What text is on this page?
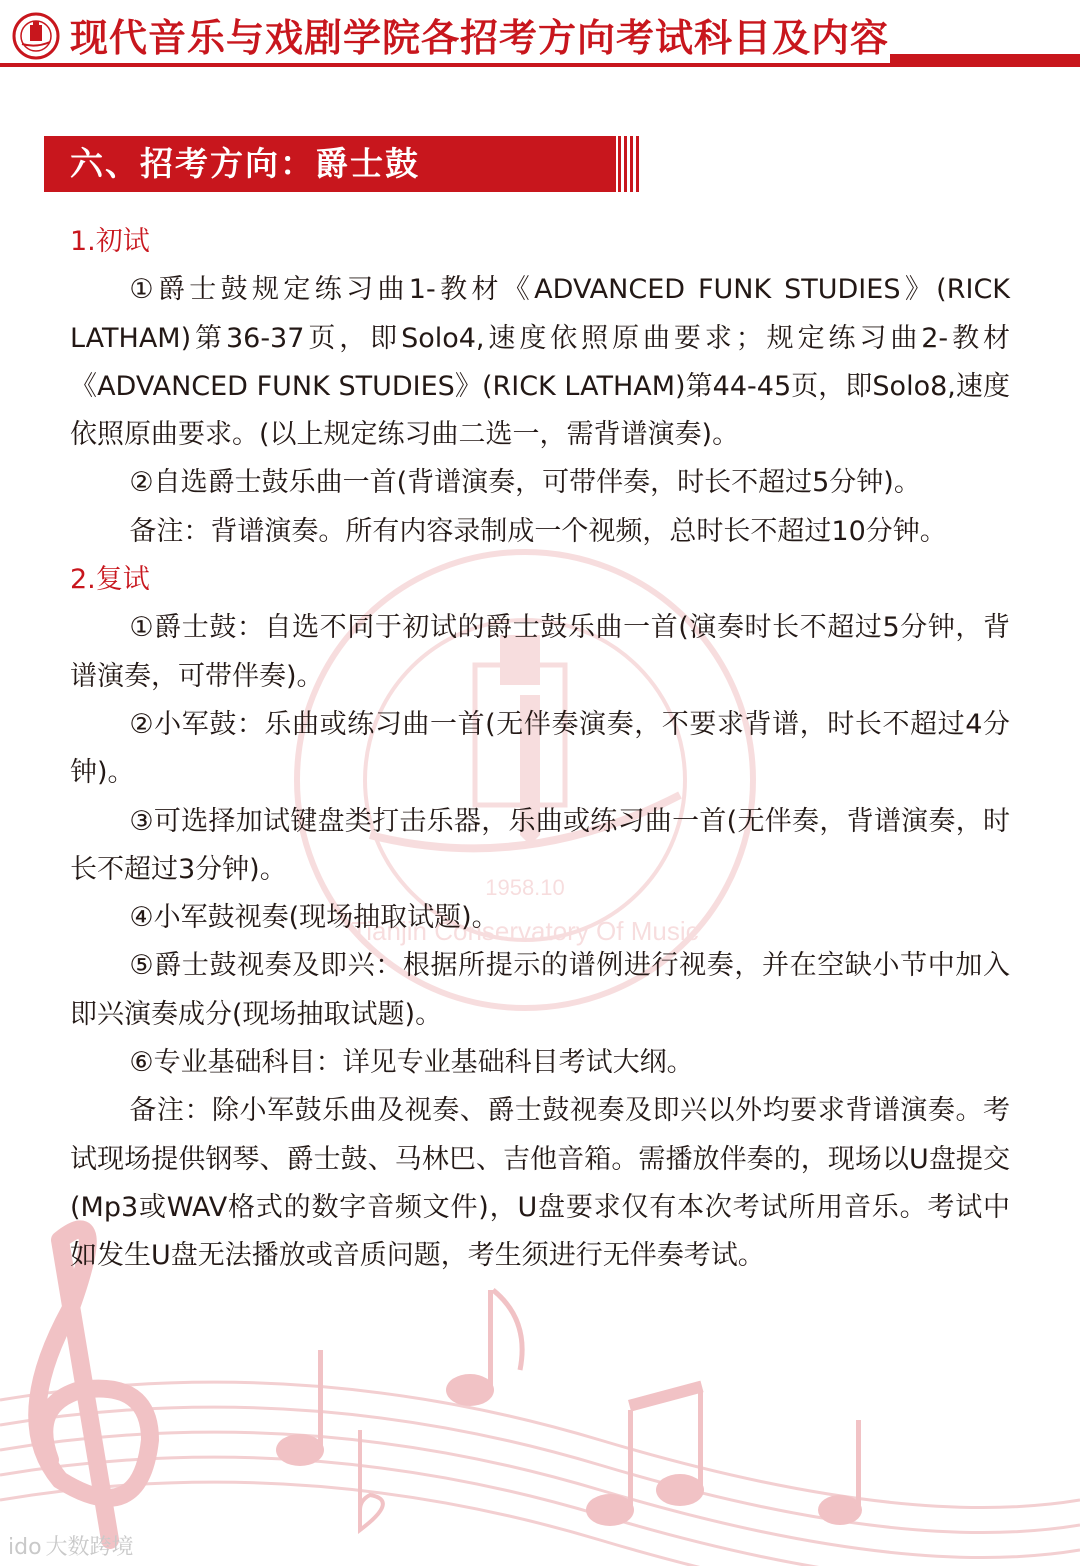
1958.10
Tianjin Conservatory Of Music
现代音乐与戏剧学院各招考方向考试科目及内容
六、招考方向：爵士鼓

1.初试

①爵士鼓规定练习曲1-教材《ADVANCED FUNK STUDIES》(RICK LATHAM)第36-37页，即Solo4,速度依照原曲要求；规定练习曲2-教材《ADVANCED FUNK STUDIES》(RICK LATHAM)第44-45页，即Solo8,速度依照原曲要求。(以上规定练习曲二选一，需背谱演奏)。

②自选爵士鼓乐曲一首(背谱演奏，可带伴奏，时长不超过5分钟)。

备注：背谱演奏。所有内容录制成一个视频，总时长不超过10分钟。

2.复试

①爵士鼓：自选不同于初试的爵士鼓乐曲一首(演奏时长不超过5分钟，背谱演奏，可带伴奏)。

②小军鼓：乐曲或练习曲一首(无伴奏演奏，不要求背谱，时长不超过4分钟)。

③可选择加试键盘类打击乐器，乐曲或练习曲一首(无伴奏，背谱演奏，时长不超过3分钟)。

④小军鼓视奏(现场抽取试题)。

⑤爵士鼓视奏及即兴：根据所提示的谱例进行视奏，并在空缺小节中加入即兴演奏成分(现场抽取试题)。

⑥专业基础科目：详见专业基础科目考试大纲。

备注：除小军鼓乐曲及视奏、爵士鼓视奏及即兴以外均要求背谱演奏。考试现场提供钢琴、爵士鼓、马林巴、吉他音箱。需播放伴奏的，现场以U盘提交(Mp3或WAV格式的数字音频文件)，U盘要求仅有本次考试所用音乐。考试中如发生U盘无法播放或音质问题，考生须进行无伴奏考试。

ido 大数跨境
